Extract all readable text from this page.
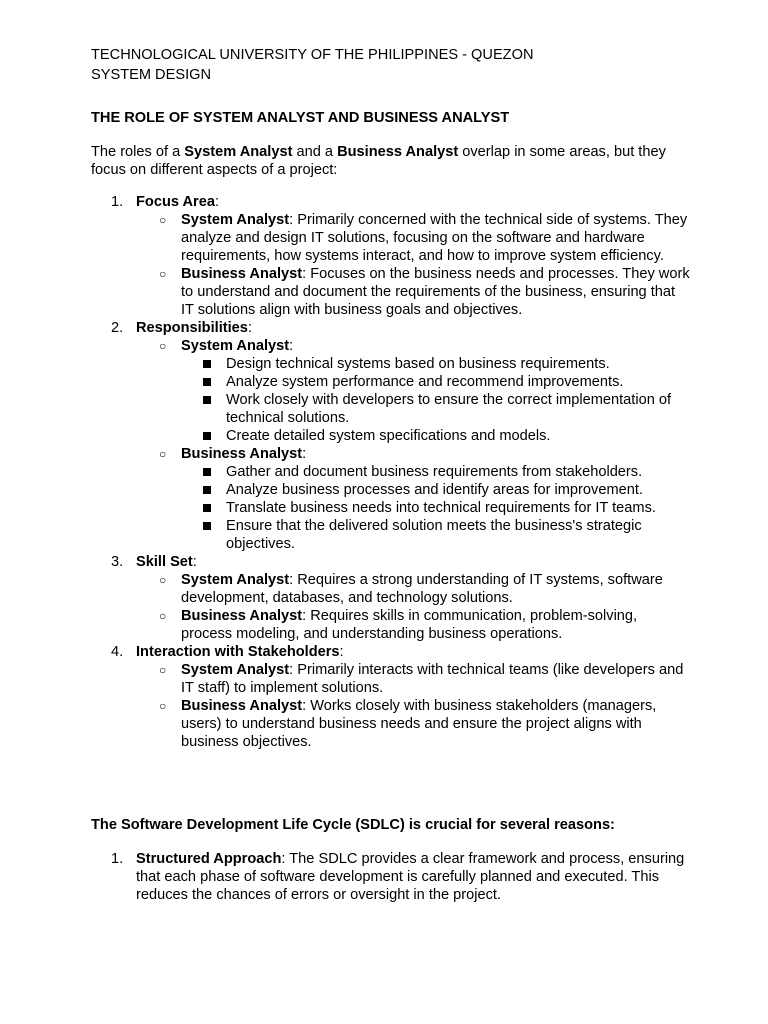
TECHNOLOGICAL UNIVERSITY OF THE PHILIPPINES - QUEZON
SYSTEM DESIGN
THE ROLE OF SYSTEM ANALYST AND BUSINESS ANALYST
The roles of a System Analyst and a Business Analyst overlap in some areas, but they focus on different aspects of a project:
1. Focus Area:
○ System Analyst: Primarily concerned with the technical side of systems. They analyze and design IT solutions, focusing on the software and hardware requirements, how systems interact, and how to improve system efficiency.
○ Business Analyst: Focuses on the business needs and processes. They work to understand and document the requirements of the business, ensuring that IT solutions align with business goals and objectives.
2. Responsibilities:
○ System Analyst:
Design technical systems based on business requirements.
Analyze system performance and recommend improvements.
Work closely with developers to ensure the correct implementation of technical solutions.
Create detailed system specifications and models.
○ Business Analyst:
Gather and document business requirements from stakeholders.
Analyze business processes and identify areas for improvement.
Translate business needs into technical requirements for IT teams.
Ensure that the delivered solution meets the business's strategic objectives.
3. Skill Set:
○ System Analyst: Requires a strong understanding of IT systems, software development, databases, and technology solutions.
○ Business Analyst: Requires skills in communication, problem-solving, process modeling, and understanding business operations.
4. Interaction with Stakeholders:
○ System Analyst: Primarily interacts with technical teams (like developers and IT staff) to implement solutions.
○ Business Analyst: Works closely with business stakeholders (managers, users) to understand business needs and ensure the project aligns with business objectives.
The Software Development Life Cycle (SDLC) is crucial for several reasons:
1. Structured Approach: The SDLC provides a clear framework and process, ensuring that each phase of software development is carefully planned and executed. This reduces the chances of errors or oversight in the project.
